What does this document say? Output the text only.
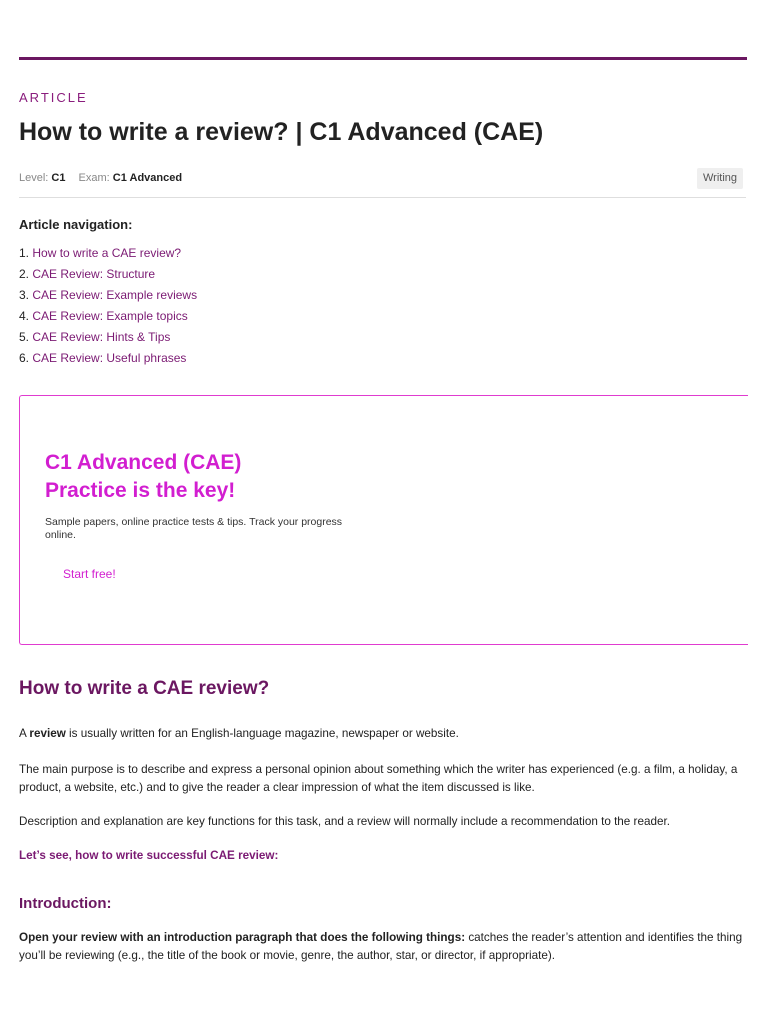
ARTICLE
How to write a review? | C1 Advanced (CAE)
Level: C1 Exam: C1 Advanced	Writing
Article navigation:
1. How to write a CAE review?
2. CAE Review: Structure
3. CAE Review: Example reviews
4. CAE Review: Example topics
5. CAE Review: Hints & Tips
6. CAE Review: Useful phrases
C1 Advanced (CAE)
Practice is the key!

Sample papers, online practice tests & tips. Track your progress online.

Start free!
How to write a CAE review?

A review is usually written for an English-language magazine, newspaper or website.

The main purpose is to describe and express a personal opinion about something which the writer has experienced (e.g. a film, a holiday, a product, a website, etc.) and to give the reader a clear impression of what the item discussed is like.

Description and explanation are key functions for this task, and a review will normally include a recommendation to the reader.

Let’s see, how to write successful CAE review:

Introduction:

Open your review with an introduction paragraph that does the following things: catches the reader’s attention and identifies the thing you’ll be reviewing (e.g., the title of the book or movie, genre, the author, star, or director, if appropriate).
